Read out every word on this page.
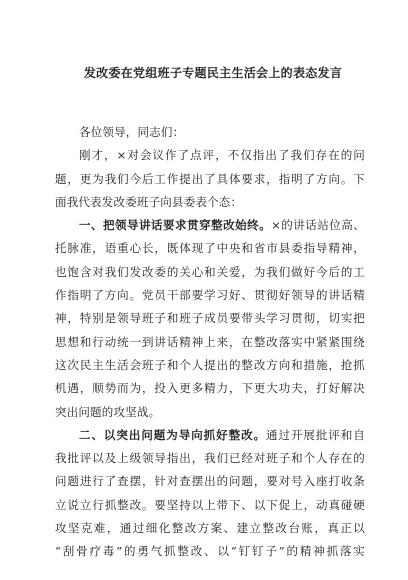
发改委在党组班子专题民主生活会上的表态发言

各位领导，同志们：

刚才，×对会议作了点评，不仅指出了我们存在的问
题，更为我们今后工作提出了具体要求，指明了方向。下
面我代表发改委班子向县委表个态：

一、把领导讲话要求贯穿整改始终。×的讲话站位高、
托脉准，语重心长，既体现了中央和省市县委指导精神，
也饱含对我们发改委的关心和关爱，为我们做好今后的工
作指明了方向。党员干部要学习好、贯彻好领导的讲话精
神，特别是领导班子和班子成员要带头学习贯彻，切实把
思想和行动统一到讲话精神上来，在整改落实中紧紧围绕
这次民主生活会班子和个人提出的整改方向和措施，抢抓
机遇，顺势而为，投入更多精力，下更大功夫，打好解决
突出问题的攻坚战。

二、以突出问题为导向抓好整改。通过开展批评和自
我批评以及上级领导指出，我们已经对班子和个人存在的
问题进行了查摆，针对查摆出的问题，要对号入座打收条
立说立行抓整改。要坚持以上带下、以下促上，动真碰硬
攻坚克难，通过细化整改方案、建立整改台账，真正以
“刮骨疗毒”的勇气抓整改、以“钉钉子”的精神抓落实
